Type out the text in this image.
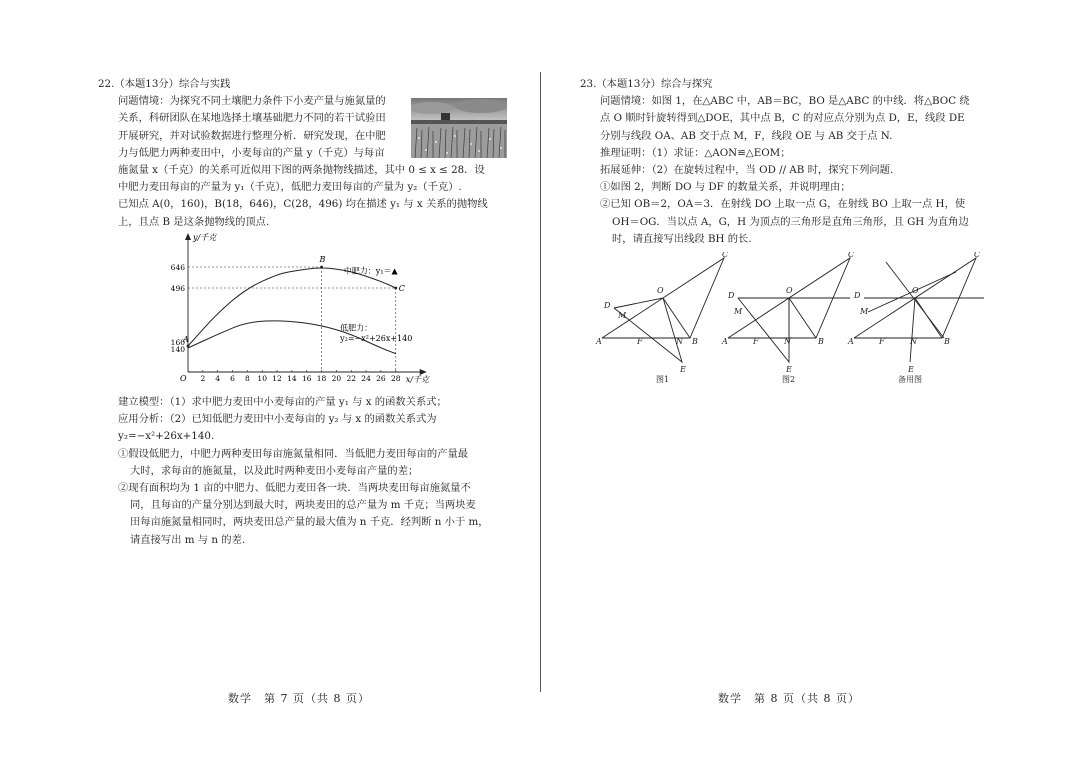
22.（本题13分）综合与实践
问题情境：为探究不同土壤肥力条件下小麦产量与施氮量的
关系，科研团队在某地选择土壤基础肥力不同的若干试验田
开展研究，并对试验数据进行整理分析．研究发现，在中肥
力与低肥力两种麦田中，小麦每亩的产量 y（千克）与每亩
施氮量 x（千克）的关系可近似用下图的两条抛物线描述，其中 0 ≤ x ≤ 28．设
中肥力麦田每亩的产量为 y₁（千克），低肥力麦田每亩的产量为 y₂（千克）.
已知点 A(0，160)，B(18，646)，C(28，496) 均在描述 y₁ 与 x 关系的抛物线
上，且点 B 是这条抛物线的顶点.
y/千克
x/千克
O 2 4 6 8 10 12 14 16 18 20 22 24 26 28
140
160
496
646
A
B
C
中肥力：y₁＝▲
低肥力：
y₂=−x²+26x+140
建立模型：（1）求中肥力麦田中小麦每亩的产量 y₁ 与 x 的函数关系式；
应用分析：（2）已知低肥力麦田中小麦每亩的 y₂ 与 x 的函数关系式为 y₂=−x²+26x+140.
①假设低肥力，中肥力两种麦田每亩施氮量相同．当低肥力麦田每亩的产量最
大时，求每亩的施氮量，以及此时两种麦田小麦每亩产量的差；
②现有面积均为 1 亩的中肥力、低肥力麦田各一块．当两块麦田每亩施氮量不
同，且每亩的产量分别达到最大时，两块麦田的总产量为 m 千克；当两块麦
田每亩施氮量相同时，两块麦田总产量的最大值为 n 千克．经判断 n 小于 m，
请直接写出 m 与 n 的差.
23.（本题13分）综合与探究
问题情境：如图 1，在△ABC 中，AB＝BC，BO 是△ABC 的中线．将△BOC 绕
点 O 顺时针旋转得到△DOE，其中点 B，C 的对应点分别为点 D，E，线段 DE
分别与线段 OA、AB 交于点 M，F，线段 OE 与 AB 交于点 N.
推理证明：（1）求证：△AON≌△EOM；
拓展延伸：（2）在旋转过程中，当 OD // AB 时，探究下列问题.
①如图 2，判断 DO 与 DF 的数量关系，并说明理由；
②已知 OB＝2，OA＝3．在射线 DO 上取一点 G，在射线 BO 上取一点 H，使
OH＝OG．当以点 A，G，H 为顶点的三角形是直角三角形，且 GH 为直角边
时，请直接写出线段 BH 的长.
A	F	N B
C
O
D
M
E
A	F	N	B
C
O
D
M
E
A	F	N	B
C
O
D
M
E
图1	图2	备用图
数学　第 7 页（共 8 页）	数学　第 8 页（共 8 页）
